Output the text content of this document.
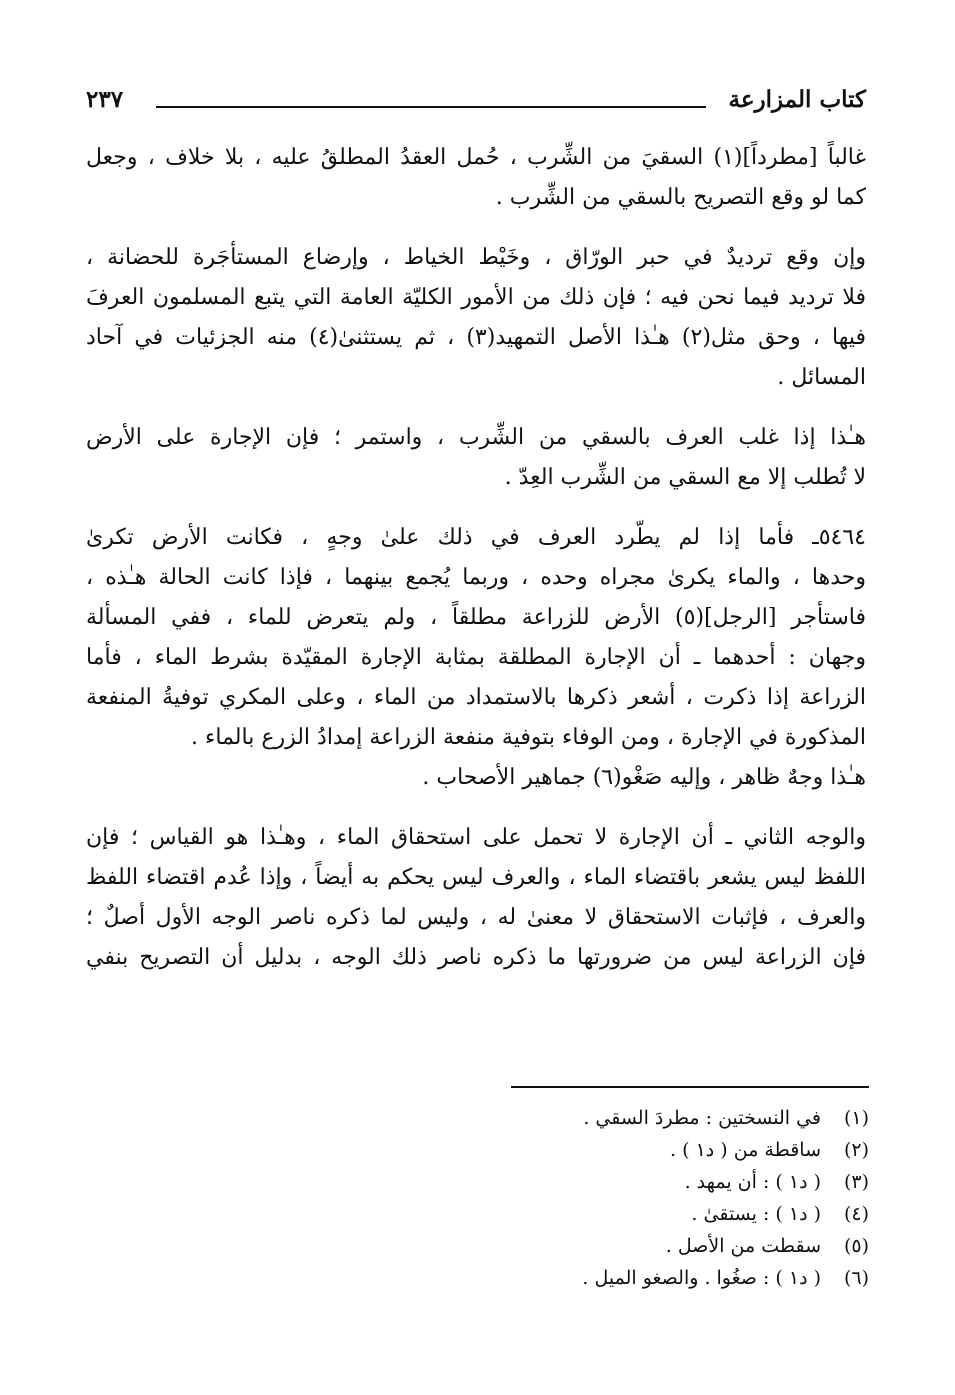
كتاب المزارعة
٢٣٧
غالباً [مطرداً](١) السقيَ من الشِّرب ، حُمل العقدُ المطلقُ عليه ، بلا خلاف ، وجعل
كما لو وقع التصريح بالسقي من الشِّرب .
وإن وقع ترديدٌ في حبر الورّاق ، وخَيْط الخياط ، وإرضاع المستأجَرة للحضانة ،
فلا ترديد فيما نحن فيه ؛ فإن ذلك من الأمور الكليّة العامة التي يتبع المسلمون العرفَ
فيها ، وحق مثل(٢) هـٰذا الأصل التمهيد(٣) ، ثم يستثنىٰ(٤) منه الجزئيات في آحاد
المسائل .
هـٰذا إذا غلب العرف بالسقي من الشِّرب ، واستمر ؛ فإن الإجارة على الأرض
لا تُطلب إلا مع السقي من الشِّرب العِدّ .
٥٤٦٤ـ فأما إذا لم يطّرد العرف في ذلك علىٰ وجهٍ ، فكانت الأرض تكرىٰ
وحدها ، والماء يكرىٰ مجراه وحده ، وربما يُجمع بينهما ، فإذا كانت الحالة هـٰذه ،
فاستأجر [الرجل](٥) الأرض للزراعة مطلقاً ، ولم يتعرض للماء ، ففي المسألة
وجهان : أحدهما ـ أن الإجارة المطلقة بمثابة الإجارة المقيّدة بشرط الماء ، فأما
الزراعة إذا ذكرت ، أشعر ذكرها بالاستمداد من الماء ، وعلى المكري توفيةُ المنفعة
المذكورة في الإجارة ، ومن الوفاء بتوفية منفعة الزراعة إمدادُ الزرع بالماء .
هـٰذا وجهٌ ظاهر ، وإليه صَغْو(٦) جماهير الأصحاب .
والوجه الثاني ـ أن الإجارة لا تحمل على استحقاق الماء ، وهـٰذا هو القياس ؛ فإن
اللفظ ليس يشعر باقتضاء الماء ، والعرف ليس يحكم به أيضاً ، وإذا عُدم اقتضاء اللفظ
والعرف ، فإثبات الاستحقاق لا معنىٰ له ، وليس لما ذكره ناصر الوجه الأول أصلٌ ؛
فإن الزراعة ليس من ضرورتها ما ذكره ناصر ذلك الوجه ، بدليل أن التصريح بنفي
(١)
في النسختين : مطردَ السقي .
(٢)
ساقطة من ( د١ ) .
(٣)
( د١ ) : أن يمهد .
(٤)
( د١ ) : يستقىٰ .
(٥)
سقطت من الأصل .
(٦)
( د١ ) : صغُوا . والصغو الميل .
